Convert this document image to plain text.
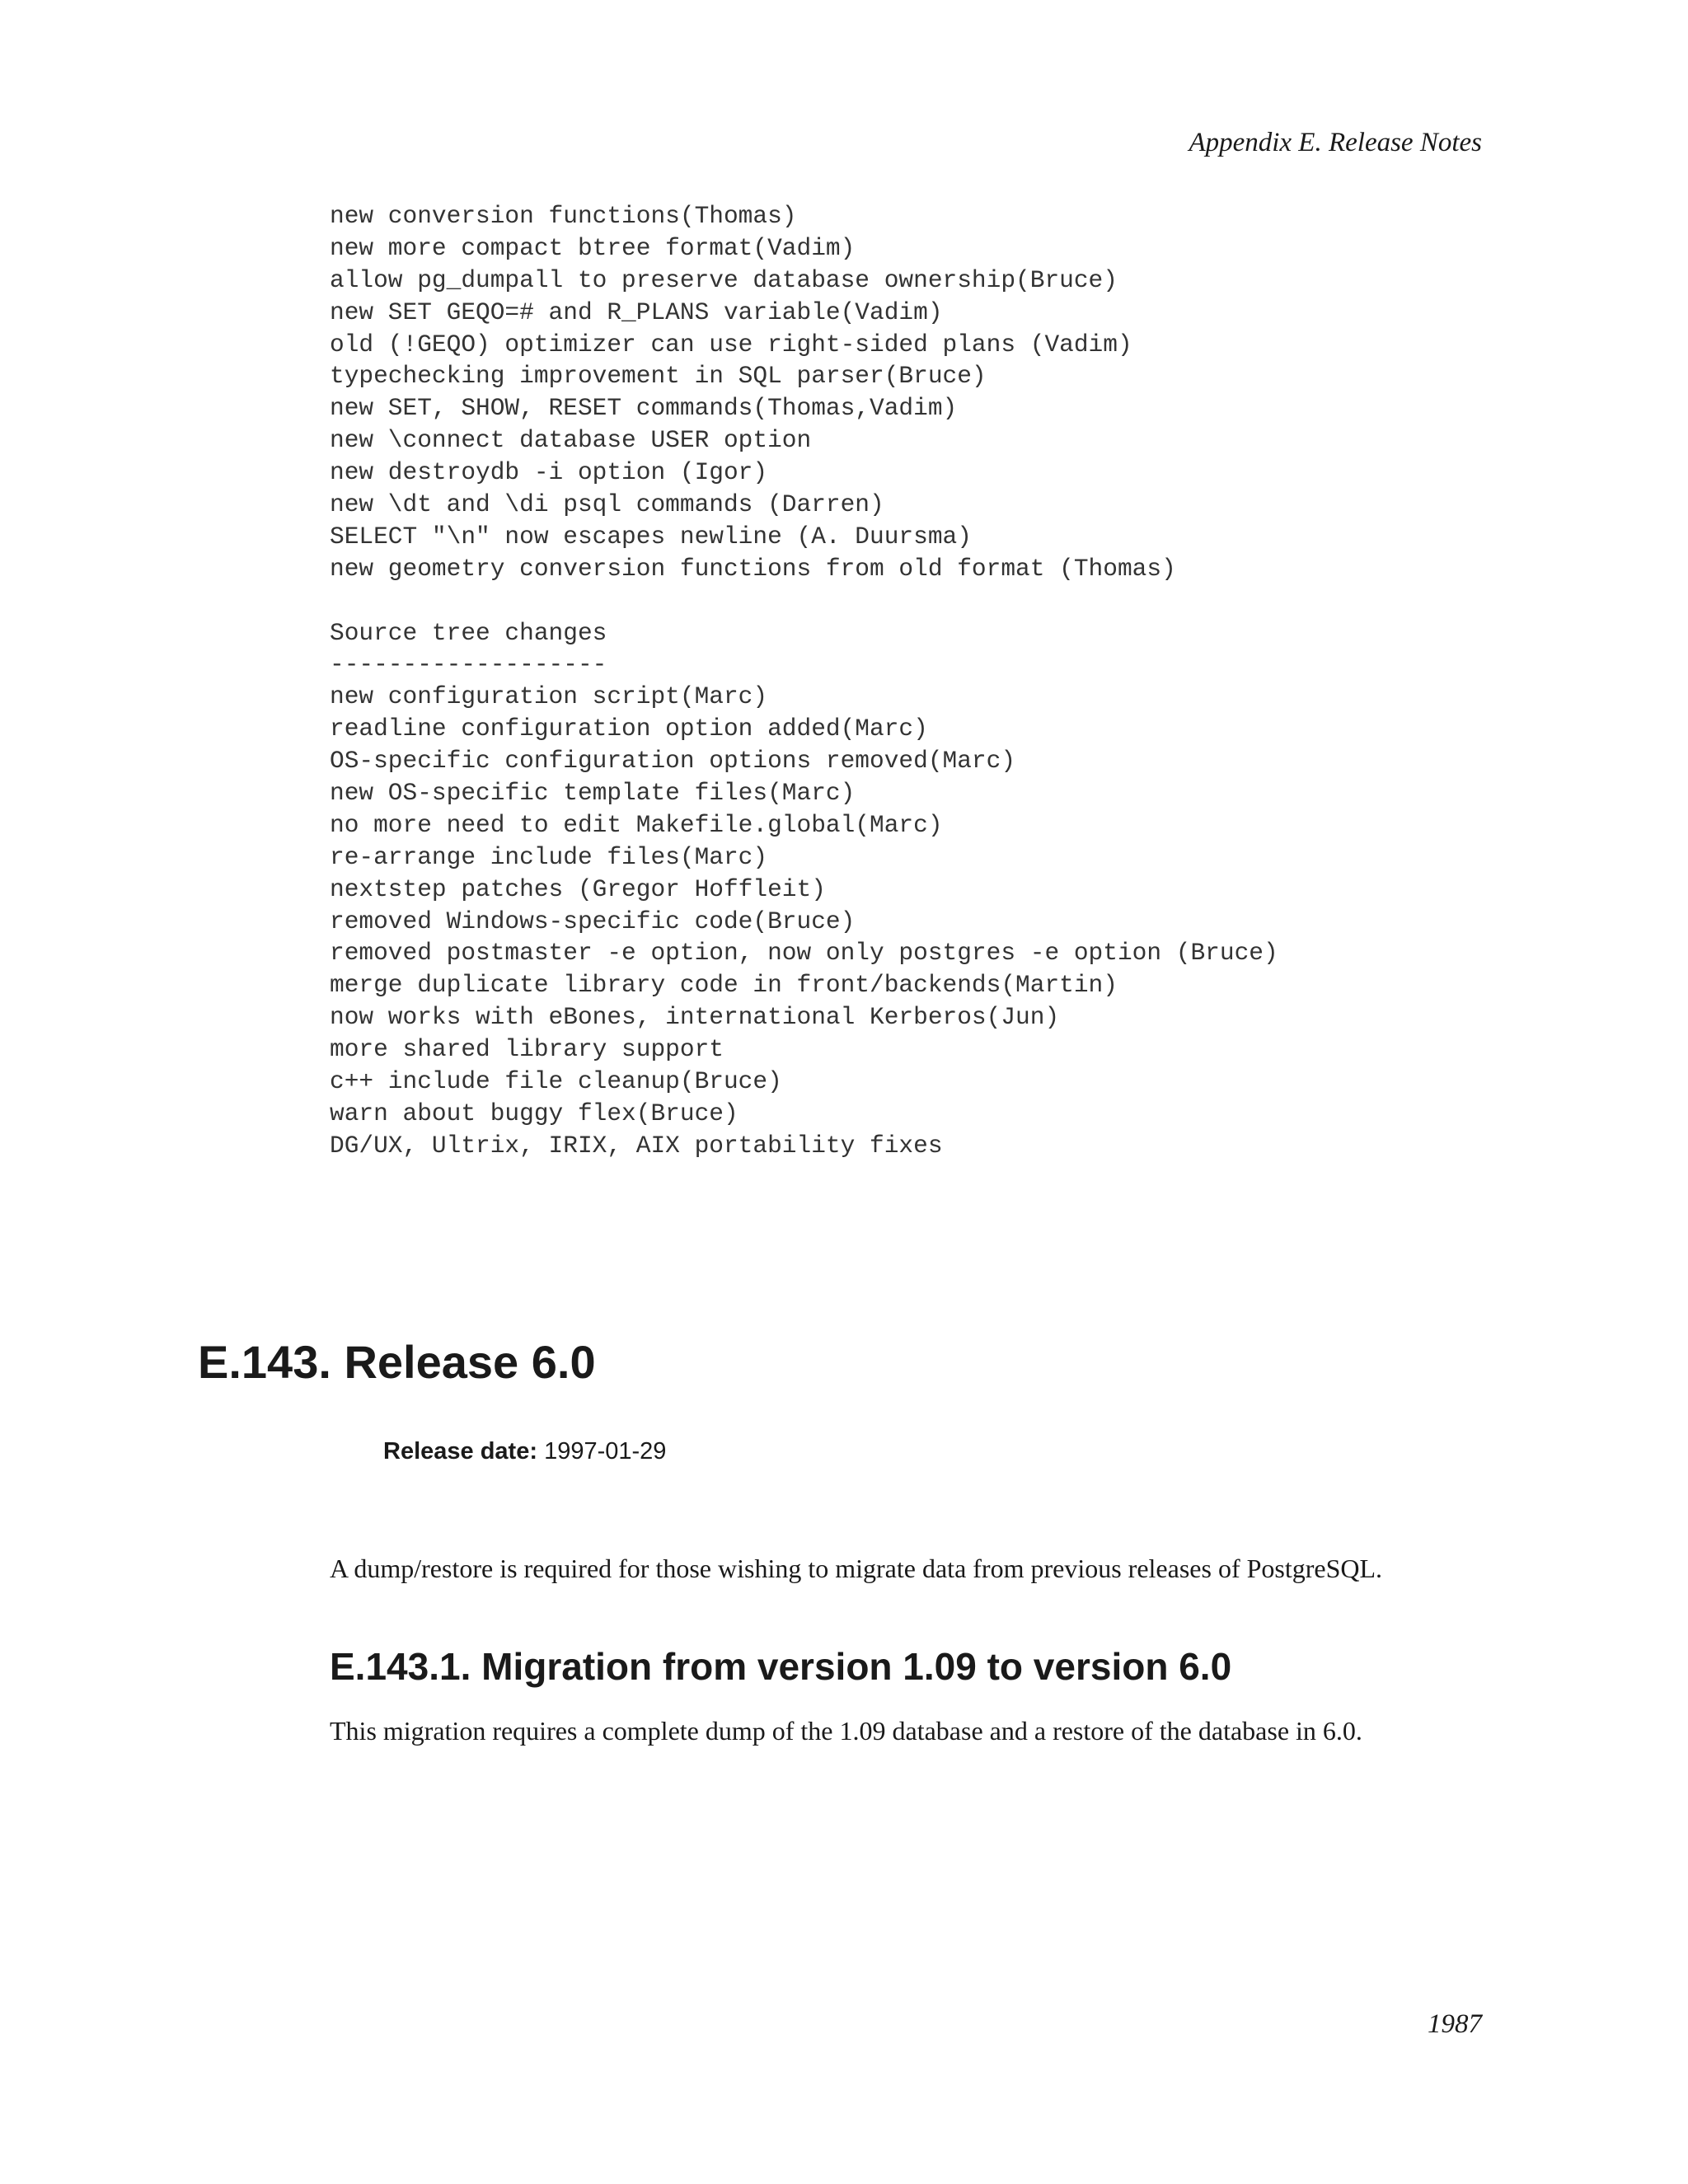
Appendix E. Release Notes

new conversion functions(Thomas)
new more compact btree format(Vadim)
allow pg_dumpall to preserve database ownership(Bruce)
new SET GEQO=# and R_PLANS variable(Vadim)
old (!GEQO) optimizer can use right-sided plans (Vadim)
typechecking improvement in SQL parser(Bruce)
new SET, SHOW, RESET commands(Thomas,Vadim)
new \connect database USER option
new destroydb -i option (Igor)
new \dt and \di psql commands (Darren)
SELECT "\n" now escapes newline (A. Duursma)
new geometry conversion functions from old format (Thomas)
Source tree changes
-------------------
new configuration script(Marc)
readline configuration option added(Marc)
OS-specific configuration options removed(Marc)
new OS-specific template files(Marc)
no more need to edit Makefile.global(Marc)
re-arrange include files(Marc)
nextstep patches (Gregor Hoffleit)
removed Windows-specific code(Bruce)
removed postmaster -e option, now only postgres -e option (Bruce)
merge duplicate library code in front/backends(Martin)
now works with eBones, international Kerberos(Jun)
more shared library support
c++ include file cleanup(Bruce)
warn about buggy flex(Bruce)
DG/UX, Ultrix, IRIX, AIX portability fixes
E.143. Release 6.0

Release date: 1997-01-29

A dump/restore is required for those wishing to migrate data from previous releases of PostgreSQL.

E.143.1. Migration from version 1.09 to version 6.0

This migration requires a complete dump of the 1.09 database and a restore of the database in 6.0.

1987
